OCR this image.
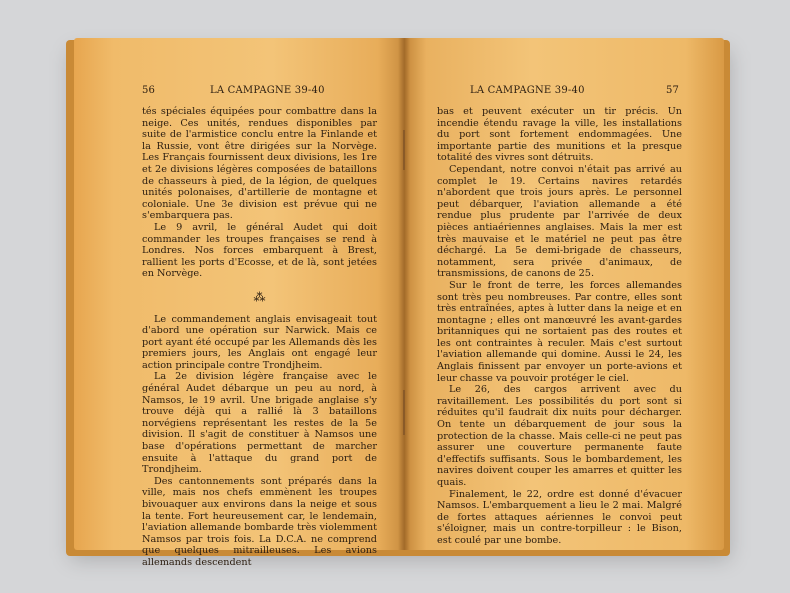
56	LA CAMPAGNE 39-40

tés spéciales équipées pour combattre dans la neige. Ces unités, rendues disponibles par suite de l'armistice conclu entre la Finlande et la Russie, vont être dirigées sur la Norvège. Les Français fournissent deux divisions, les 1re et 2e divisions légères composées de bataillons de chasseurs à pied, de la légion, de quelques unités polonaises, d'artillerie de montagne et coloniale. Une 3e division est prévue qui ne s'embarquera pas.

Le 9 avril, le général Audet qui doit commander les troupes françaises se rend à Londres. Nos forces embarquent à Brest, rallient les ports d'Ecosse, et de là, sont jetées en Norvège.

⁂

Le commandement anglais envisageait tout d'abord une opération sur Narwick. Mais ce port ayant été occupé par les Allemands dès les premiers jours, les Anglais ont engagé leur action principale contre Trondjheim.

La 2e division légère française avec le général Audet débarque un peu au nord, à Namsos, le 19 avril. Une brigade anglaise s'y trouve déjà qui a rallié là 3 bataillons norvégiens représentant les restes de la 5e division. Il s'agit de constituer à Namsos une base d'opérations permettant de marcher ensuite à l'attaque du grand port de Trondjheim.

Des cantonnements sont préparés dans la ville, mais nos chefs emmènent les troupes bivouaquer aux environs dans la neige et sous la tente. Fort heureusement car, le lendemain, l'aviation allemande bombarde très violemment Namsos par trois fois. La D.C.A. ne comprend que quelques mitrailleuses. Les avions allemands descendent

LA CAMPAGNE 39-40	57

bas et peuvent exécuter un tir précis. Un incendie étendu ravage la ville, les installations du port sont fortement endommagées. Une importante partie des munitions et la presque totalité des vivres sont détruits.

Cependant, notre convoi n'était pas arrivé au complet le 19. Certains navires retardés n'abordent que trois jours après. Le personnel peut débarquer, l'aviation allemande a été rendue plus prudente par l'arrivée de deux pièces antiaériennes anglaises. Mais la mer est très mauvaise et le matériel ne peut pas être déchargé. La 5e demi-brigade de chasseurs, notamment, sera privée d'animaux, de transmissions, de canons de 25.

Sur le front de terre, les forces allemandes sont très peu nombreuses. Par contre, elles sont très entraînées, aptes à lutter dans la neige et en montagne ; elles ont manœuvré les avant-gardes britanniques qui ne sortaient pas des routes et les ont contraintes à reculer. Mais c'est surtout l'aviation allemande qui domine. Aussi le 24, les Anglais finissent par envoyer un porte-avions et leur chasse va pouvoir protéger le ciel.

Le 26, des cargos arrivent avec du ravitaillement. Les possibilités du port sont si réduites qu'il faudrait dix nuits pour décharger. On tente un débarquement de jour sous la protection de la chasse. Mais celle-ci ne peut pas assurer une couverture permanente faute d'effectifs suffisants. Sous le bombardement, les navires doivent couper les amarres et quitter les quais.

Finalement, le 22, ordre est donné d'évacuer Namsos. L'embarquement a lieu le 2 mai. Malgré de fortes attaques aériennes le convoi peut s'éloigner, mais un contre-torpilleur : le Bison, est coulé par une bombe.
